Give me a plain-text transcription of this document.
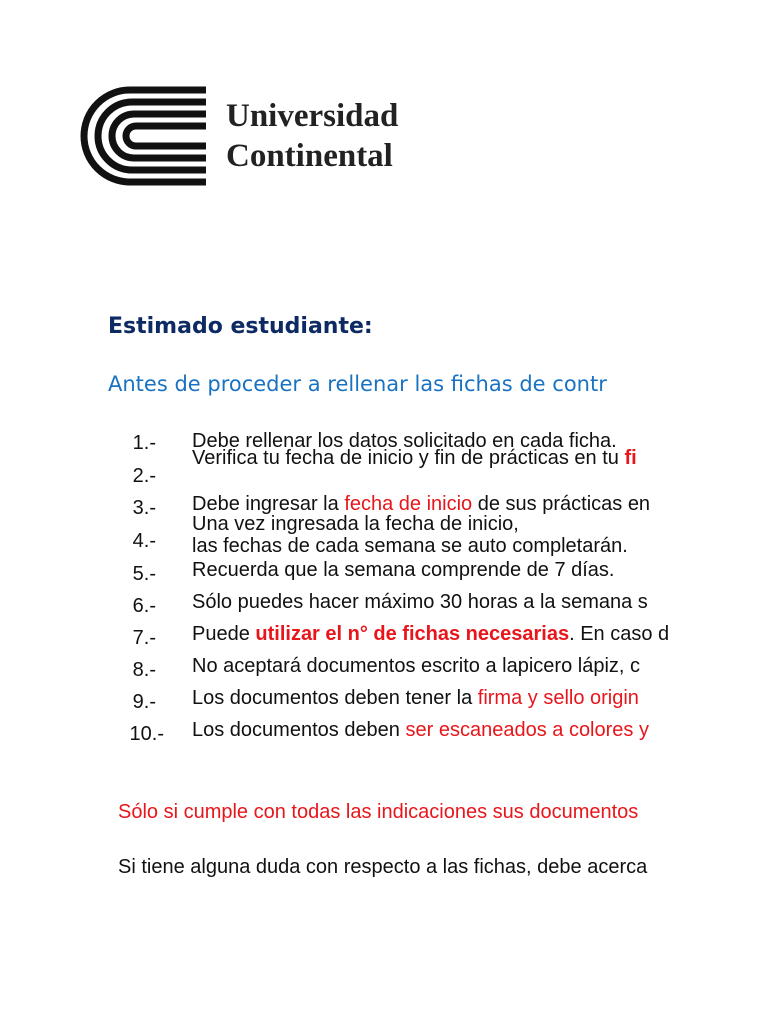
Universidad
Continental
Estimado estudiante:
Antes de proceder a rellenar las fichas de contr
1.- Debe rellenar los datos solicitado en cada ficha.
2.-
Verifica tu fecha de inicio y fin de prácticas en tu fi
3.- Debe ingresar la fecha de inicio de sus prácticas en
4.-
Una vez ingresada la fecha de inicio,
las fechas de cada semana se auto completarán.
5.- Recuerda que la semana comprende de 7 días.
6.- Sólo puedes hacer máximo 30 horas a la semana s
7.- Puede utilizar el n° de fichas necesarias. En caso d
8.- No aceptará documentos escrito a lapicero lápiz, c
9.- Los documentos deben tener la firma y sello origin
10.- Los documentos deben ser escaneados a colores y
Sólo si cumple con todas las indicaciones sus documentos
Si tiene alguna duda con respecto a las fichas, debe acerca
